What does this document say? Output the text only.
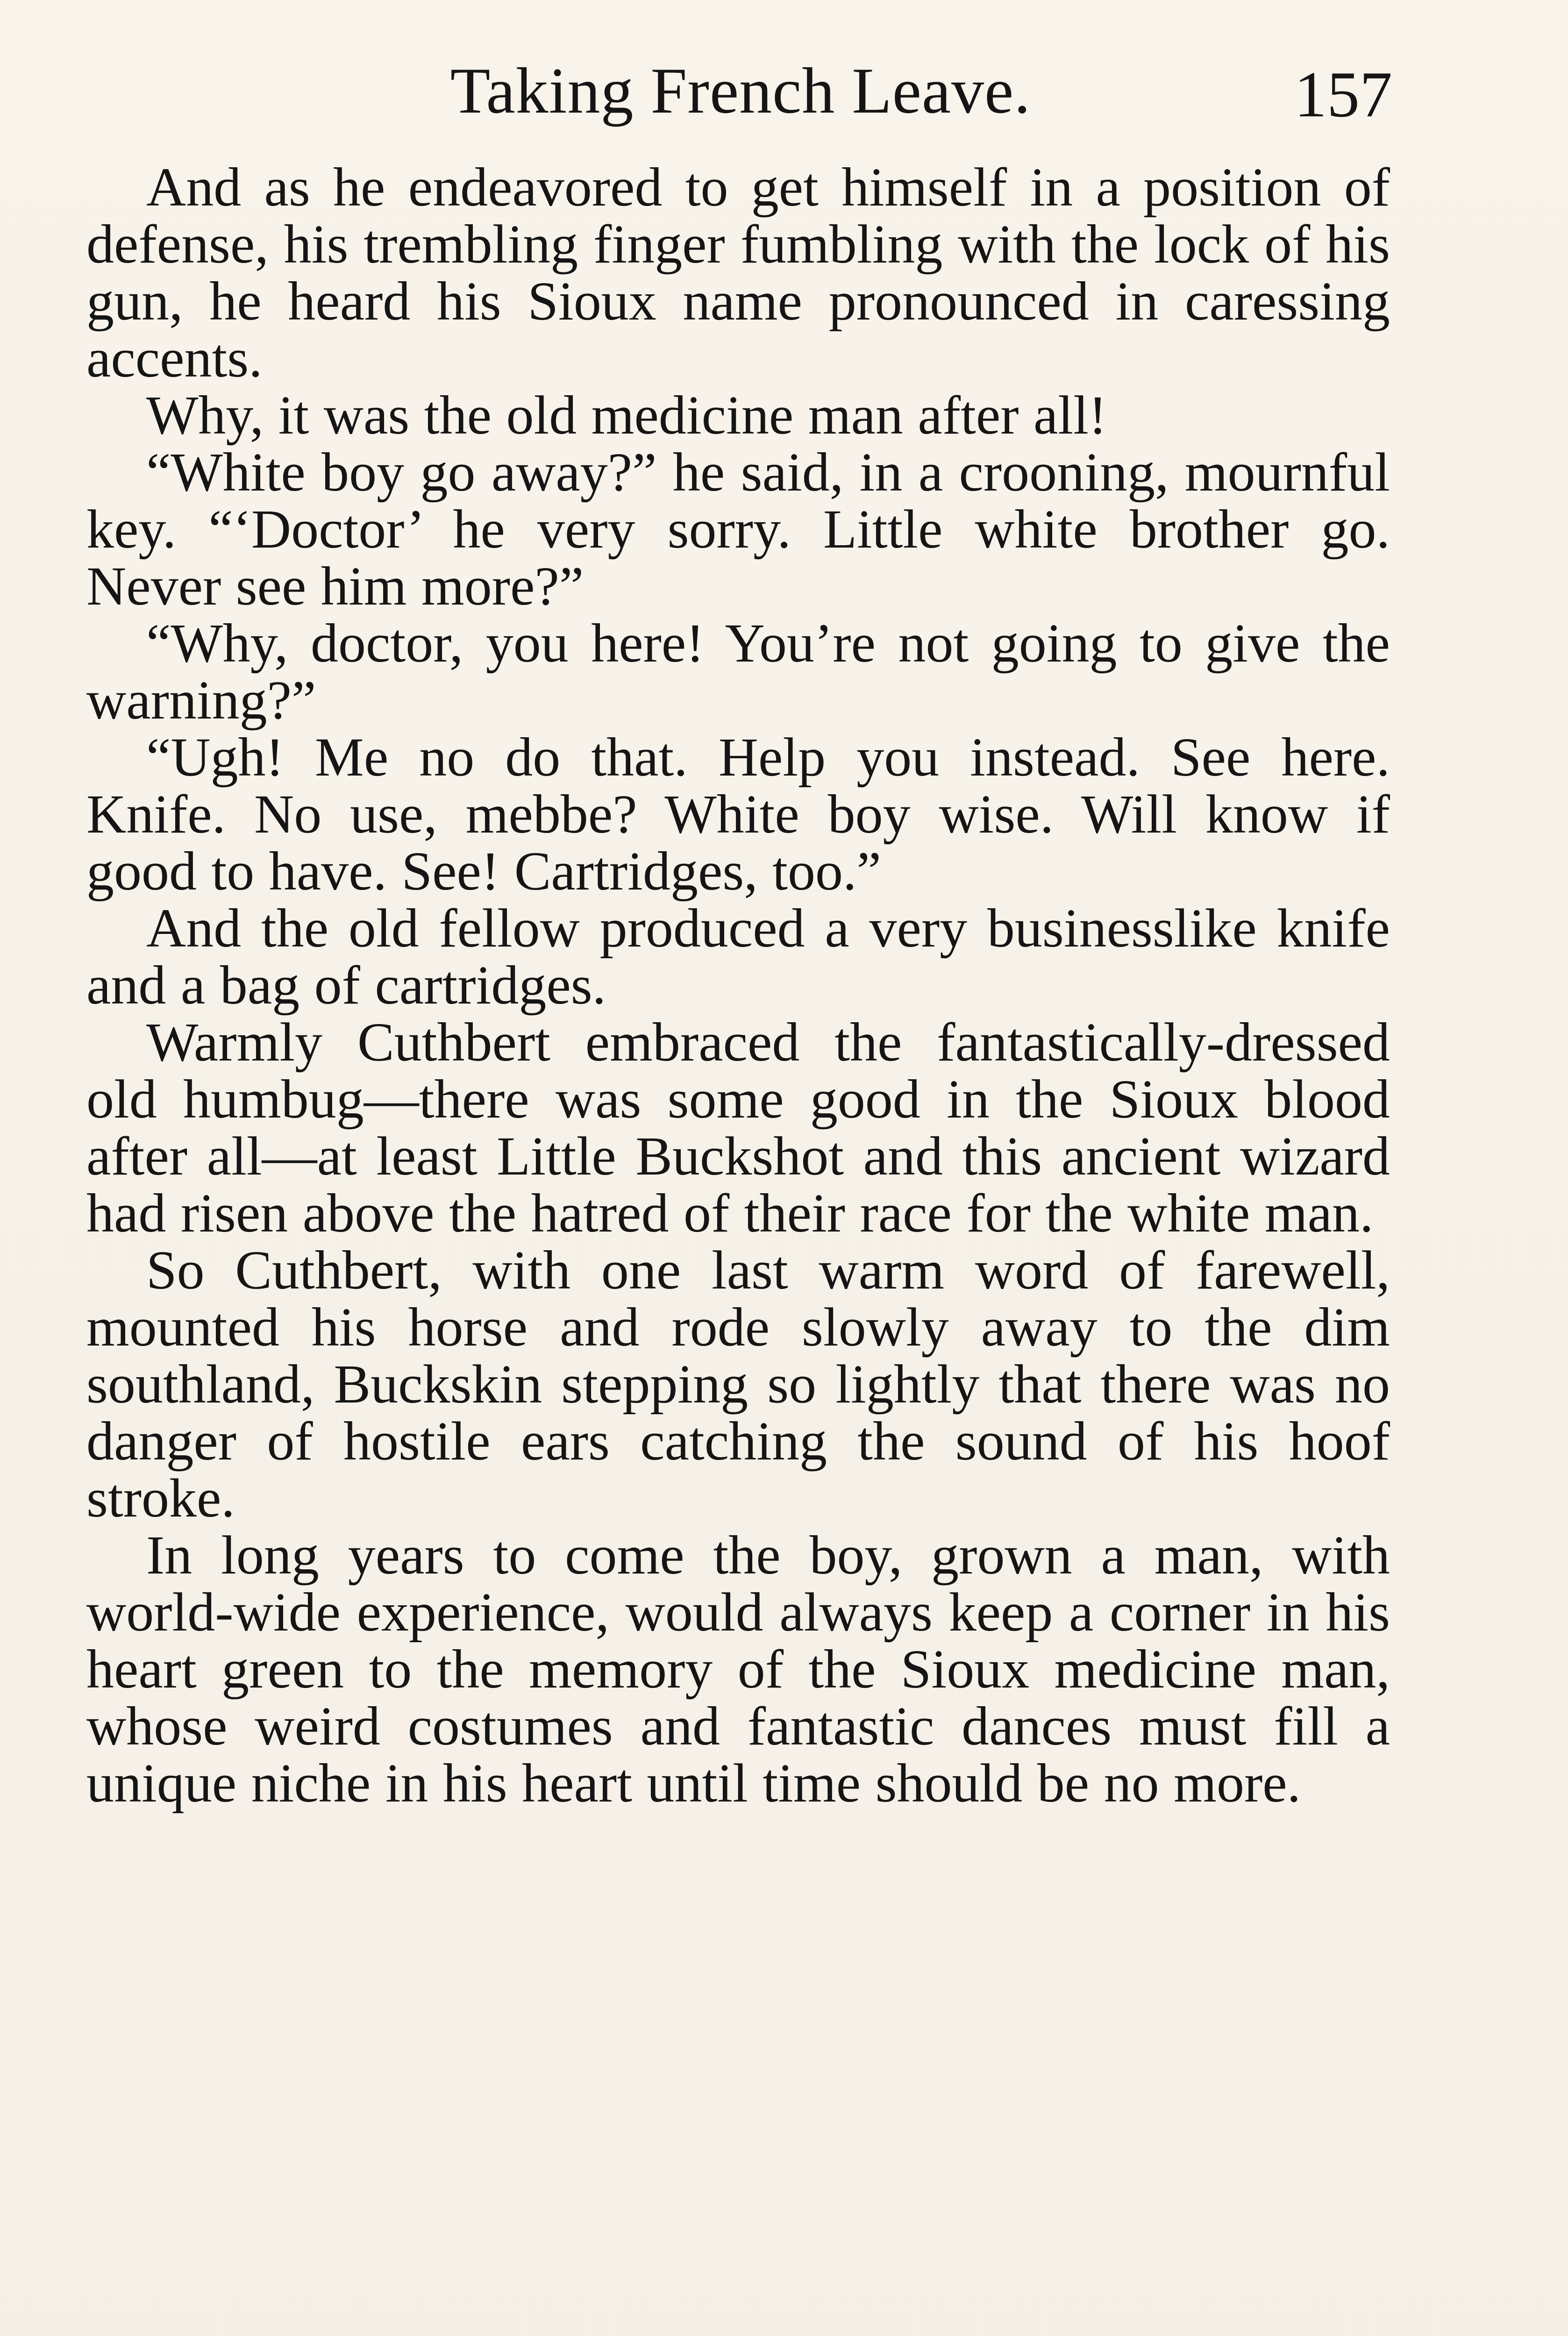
Taking French Leave.	157

And as he endeavored to get himself in a position of defense, his trembling finger fumbling with the lock of his gun, he heard his Sioux name pronounced in caressing accents.

Why, it was the old medicine man after all!

“White boy go away?” he said, in a crooning, mournful key. “‘Doctor’ he very sorry. Little white brother go. Never see him more?”

“Why, doctor, you here! You’re not going to give the warning?”

“Ugh! Me no do that. Help you instead. See here. Knife. No use, mebbe? White boy wise. Will know if good to have. See! Cartridges, too.”

And the old fellow produced a very businesslike knife and a bag of cartridges.

Warmly Cuthbert embraced the fantastically-dressed old humbug—there was some good in the Sioux blood after all—at least Little Buckshot and this ancient wizard had risen above the hatred of their race for the white man.

So Cuthbert, with one last warm word of farewell, mounted his horse and rode slowly away to the dim southland, Buckskin stepping so lightly that there was no danger of hostile ears catching the sound of his hoof stroke.

In long years to come the boy, grown a man, with world-wide experience, would always keep a corner in his heart green to the memory of the Sioux medicine man, whose weird costumes and fantastic dances must fill a unique niche in his heart until time should be no more.
